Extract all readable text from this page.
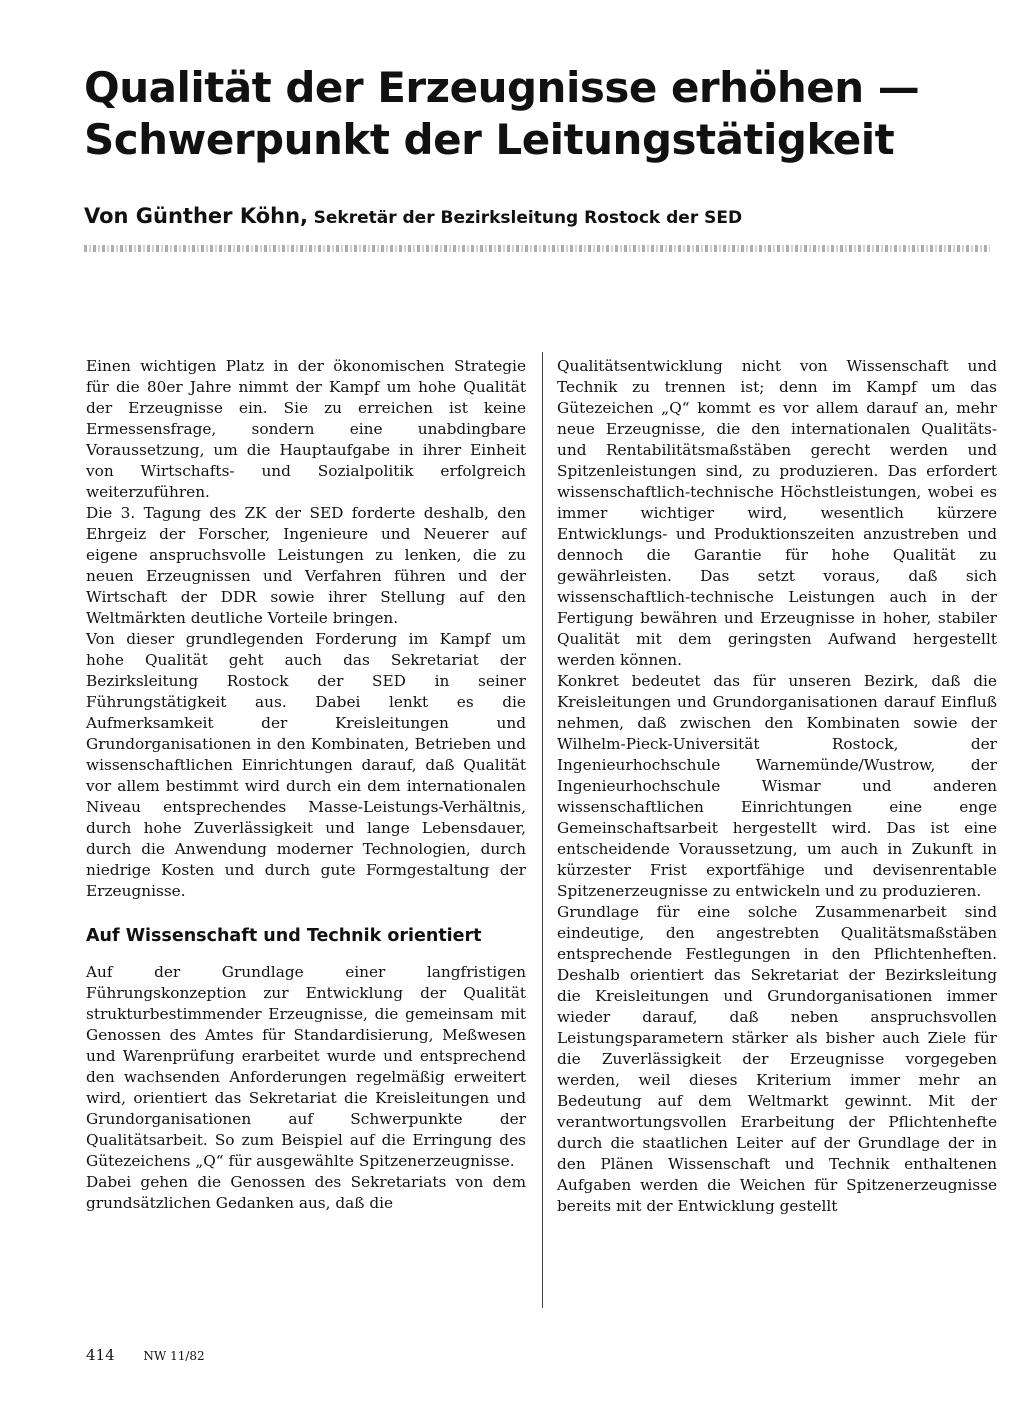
Qualität der Erzeugnisse erhöhen —
Schwerpunkt der Leitungstätigkeit

Von Günther Köhn, Sekretär der Bezirksleitung Rostock der SED

Einen wichtigen Platz in der ökonomischen Strategie für die 80er Jahre nimmt der Kampf um hohe Qualität der Erzeugnisse ein. Sie zu erreichen ist keine Ermessensfrage, sondern eine unabdingbare Voraussetzung, um die Hauptaufgabe in ihrer Einheit von Wirtschafts- und Sozialpolitik erfolgreich weiterzuführen.

Die 3. Tagung des ZK der SED forderte deshalb, den Ehrgeiz der Forscher, Ingenieure und Neuerer auf eigene anspruchsvolle Leistungen zu lenken, die zu neuen Erzeugnissen und Verfahren führen und der Wirtschaft der DDR sowie ihrer Stellung auf den Weltmärkten deutliche Vorteile bringen.

Von dieser grundlegenden Forderung im Kampf um hohe Qualität geht auch das Sekretariat der Bezirksleitung Rostock der SED in seiner Führungstätigkeit aus. Dabei lenkt es die Aufmerksamkeit der Kreisleitungen und Grundorganisationen in den Kombinaten, Betrieben und wissenschaftlichen Einrichtungen darauf, daß Qualität vor allem bestimmt wird durch ein dem internationalen Niveau entsprechendes Masse-Leistungs-Verhältnis, durch hohe Zuverlässigkeit und lange Lebensdauer, durch die Anwendung moderner Technologien, durch niedrige Kosten und durch gute Formgestaltung der Erzeugnisse.

Auf Wissenschaft und Technik orientiert

Auf der Grundlage einer langfristigen Führungskonzeption zur Entwicklung der Qualität strukturbestimmender Erzeugnisse, die gemeinsam mit Genossen des Amtes für Standardisierung, Meßwesen und Warenprüfung erarbeitet wurde und entsprechend den wachsenden Anforderungen regelmäßig erweitert wird, orientiert das Sekretariat die Kreisleitungen und Grundorganisationen auf Schwerpunkte der Qualitätsarbeit. So zum Beispiel auf die Erringung des Gütezeichens „Q“ für ausgewählte Spitzenerzeugnisse.

Dabei gehen die Genossen des Sekretariats von dem grundsätzlichen Gedanken aus, daß die

Qualitätsentwicklung nicht von Wissenschaft und Technik zu trennen ist; denn im Kampf um das Gütezeichen „Q“ kommt es vor allem darauf an, mehr neue Erzeugnisse, die den internationalen Qualitäts- und Rentabilitätsmaßstäben gerecht werden und Spitzenleistungen sind, zu produzieren. Das erfordert wissenschaftlich-technische Höchstleistungen, wobei es immer wichtiger wird, wesentlich kürzere Entwicklungs- und Produktionszeiten anzustreben und dennoch die Garantie für hohe Qualität zu gewährleisten. Das setzt voraus, daß sich wissenschaftlich-technische Leistungen auch in der Fertigung bewähren und Erzeugnisse in hoher, stabiler Qualität mit dem geringsten Aufwand hergestellt werden können.

Konkret bedeutet das für unseren Bezirk, daß die Kreisleitungen und Grundorganisationen darauf Einfluß nehmen, daß zwischen den Kombinaten sowie der Wilhelm-Pieck-Universität Rostock, der Ingenieurhochschule Warnemünde/Wustrow, der Ingenieurhochschule Wismar und anderen wissenschaftlichen Einrichtungen eine enge Gemeinschaftsarbeit hergestellt wird. Das ist eine entscheidende Voraussetzung, um auch in Zukunft in kürzester Frist exportfähige und devisenrentable Spitzenerzeugnisse zu entwickeln und zu produzieren.

Grundlage für eine solche Zusammenarbeit sind eindeutige, den angestrebten Qualitätsmaßstäben entsprechende Festlegungen in den Pflichtenheften. Deshalb orientiert das Sekretariat der Bezirksleitung die Kreisleitungen und Grundorganisationen immer wieder darauf, daß neben anspruchsvollen Leistungsparametern stärker als bisher auch Ziele für die Zuverlässigkeit der Erzeugnisse vorgegeben werden, weil dieses Kriterium immer mehr an Bedeutung auf dem Weltmarkt gewinnt. Mit der verantwortungsvollen Erarbeitung der Pflichtenhefte durch die staatlichen Leiter auf der Grundlage der in den Plänen Wissenschaft und Technik enthaltenen Aufgaben werden die Weichen für Spitzenerzeugnisse bereits mit der Entwicklung gestellt

414 NW 11/82
